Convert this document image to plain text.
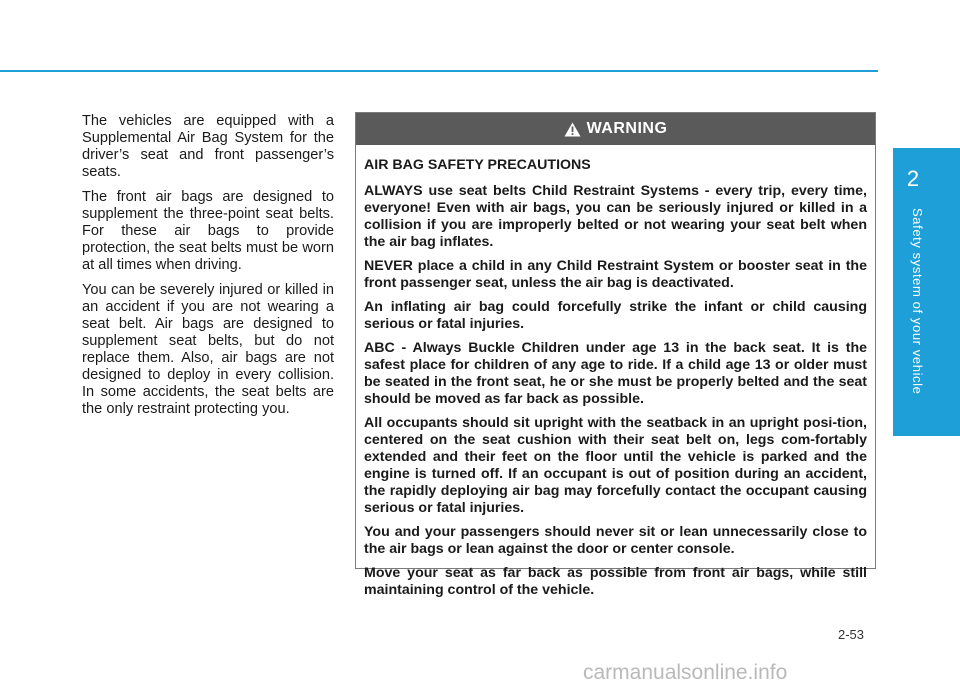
The vehicles are equipped with a Supplemental Air Bag System for the driver’s seat and front passenger’s seats.

The front air bags are designed to supplement the three-point seat belts. For these air bags to provide protection, the seat belts must be worn at all times when driving.

You can be severely injured or killed in an accident if you are not wearing a seat belt. Air bags are designed to supplement seat belts, but do not replace them. Also, air bags are not designed to deploy in every collision. In some accidents, the seat belts are the only restraint protecting you.

WARNING

AIR BAG SAFETY PRECAUTIONS

ALWAYS use seat belts Child Restraint Systems - every trip, every time, everyone! Even with air bags, you can be seriously injured or killed in a collision if you are improperly belted or not wearing your seat belt when the air bag inflates.

NEVER place a child in any Child Restraint System or booster seat in the front passenger seat, unless the air bag is deactivated.

An inflating air bag could forcefully strike the infant or child causing serious or fatal injuries.

ABC - Always Buckle Children under age 13 in the back seat. It is the safest place for children of any age to ride. If a child age 13 or older must be seated in the front seat, he or she must be properly belted and the seat should be moved as far back as possible.

All occupants should sit upright with the seatback in an upright posi-tion, centered on the seat cushion with their seat belt on, legs com-fortably extended and their feet on the floor until the vehicle is parked and the engine is turned off. If an occupant is out of position during an accident, the rapidly deploying air bag may forcefully contact the occupant causing serious or fatal injuries.

You and your passengers should never sit or lean unnecessarily close to the air bags or lean against the door or center console.

Move your seat as far back as possible from front air bags, while still maintaining control of the vehicle.

2
Safety system of your vehicle
2-53
carmanualsonline.info
